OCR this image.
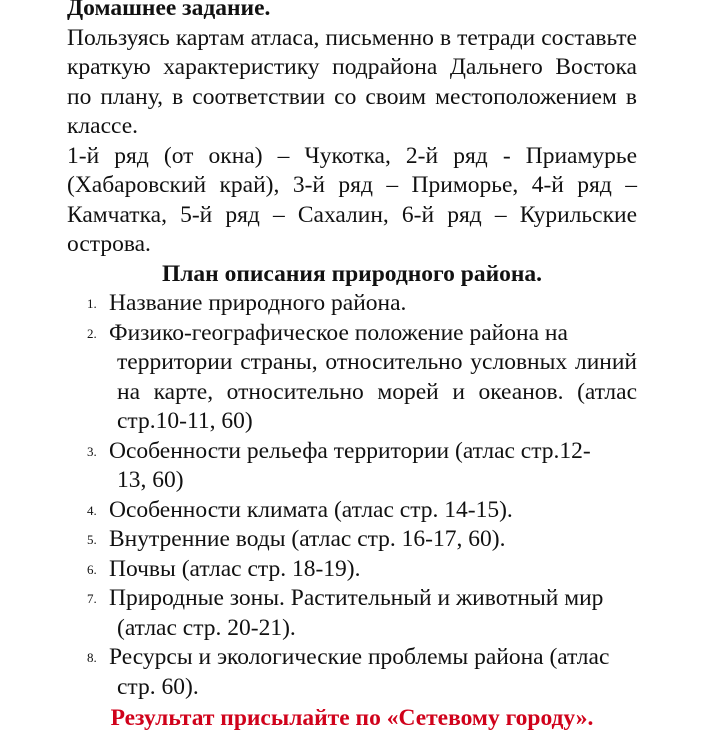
Домашнее задание.

Пользуясь картам атласа, письменно в тетради составьте краткую характеристику подрайона Дальнего Востока по плану, в соответствии со своим местоположением в классе.

1-й ряд (от окна) – Чукотка, 2-й ряд - Приамурье (Хабаровский край), 3-й ряд – Приморье, 4-й ряд – Камчатка, 5-й ряд – Сахалин, 6-й ряд – Курильские острова.

План описания природного района.

1. Название природного района.
2. Физико-географическое положение района на
территории страны, относительно условных линий на карте, относительно морей и океанов. (атлас стр.10-11, 60)
3. Особенности рельефа территории (атлас стр.12-
13, 60)
4. Особенности климата (атлас стр. 14-15).
5. Внутренние воды (атлас стр. 16-17, 60).
6. Почвы (атлас стр. 18-19).
7. Природные зоны. Растительный и животный мир
(атлас стр. 20-21).
8. Ресурсы и экологические проблемы района (атлас
стр. 60).

Результат присылайте по «Сетевому городу».
